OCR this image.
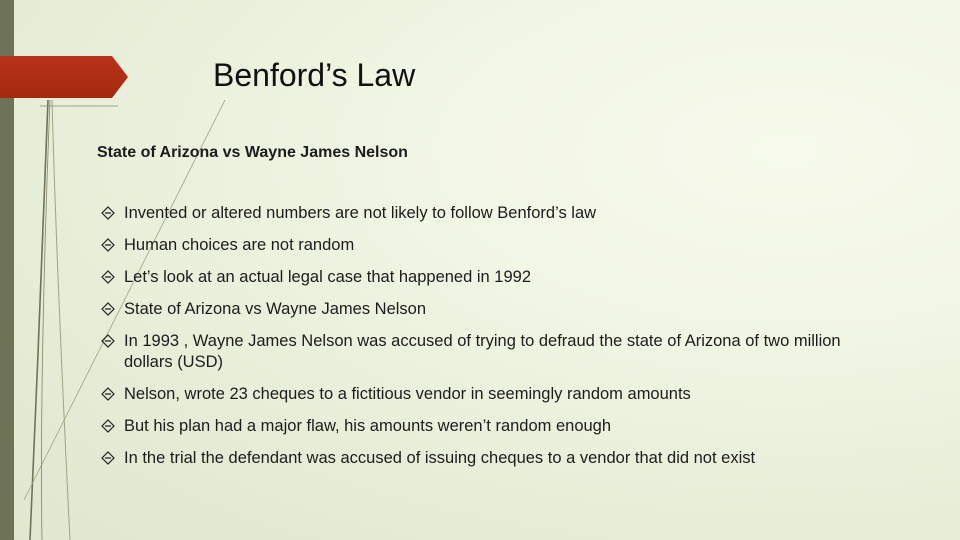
Benford’s Law
State of Arizona vs Wayne James Nelson
Invented or altered numbers are not likely to follow Benford’s law
Human choices are not random
Let’s look at an actual legal case that happened in 1992
State of Arizona vs Wayne James Nelson
In 1993 , Wayne James Nelson was accused of trying to defraud the state of Arizona of two million dollars (USD)
Nelson, wrote 23 cheques to a fictitious vendor in seemingly random amounts
But his plan had a major flaw, his amounts weren’t random enough
In the trial the defendant was accused of issuing cheques to a vendor that did not exist
